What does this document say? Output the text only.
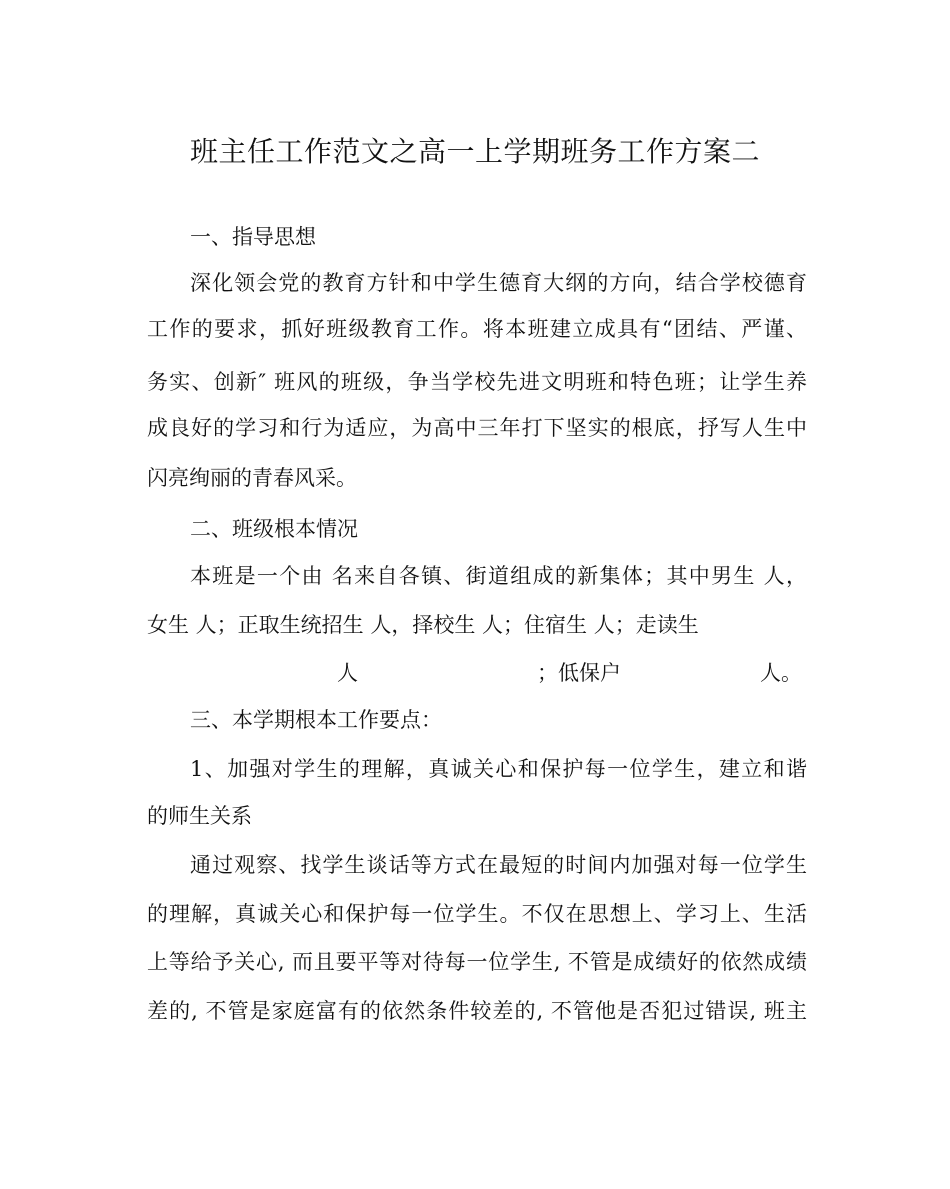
班主任工作范文之高一上学期班务工作方案二
一、指导思想
深化领会党的教育方针和中学生德育大纲的方向，结合学校德育
工作的要求，抓好班级教育工作。将本班建立成具有“团结、严谨、
务实、创新″ 班风的班级，争当学校先进文明班和特色班；让学生养
成良好的学习和行为适应，为高中三年打下坚实的根底，抒写人生中
闪亮绚丽的青春风采。
二、班级根本情况
本班是一个由 名来自各镇、街道组成的新集体；其中男生 人，
女生 人；正取生统招生 人，择校生 人；住宿生 人；走读生
人	；低保户	人。
三、本学期根本工作要点：
1、加强对学生的理解，真诚关心和保护每一位学生，建立和谐
的师生关系
通过观察、找学生谈话等方式在最短的时间内加强对每一位学生
的理解，真诚关心和保护每一位学生。不仅在思想上、学习上、生活
上等给予关心, 而且要平等对待每一位学生, 不管是成绩好的依然成绩
差的, 不管是家庭富有的依然条件较差的, 不管他是否犯过错误, 班主
